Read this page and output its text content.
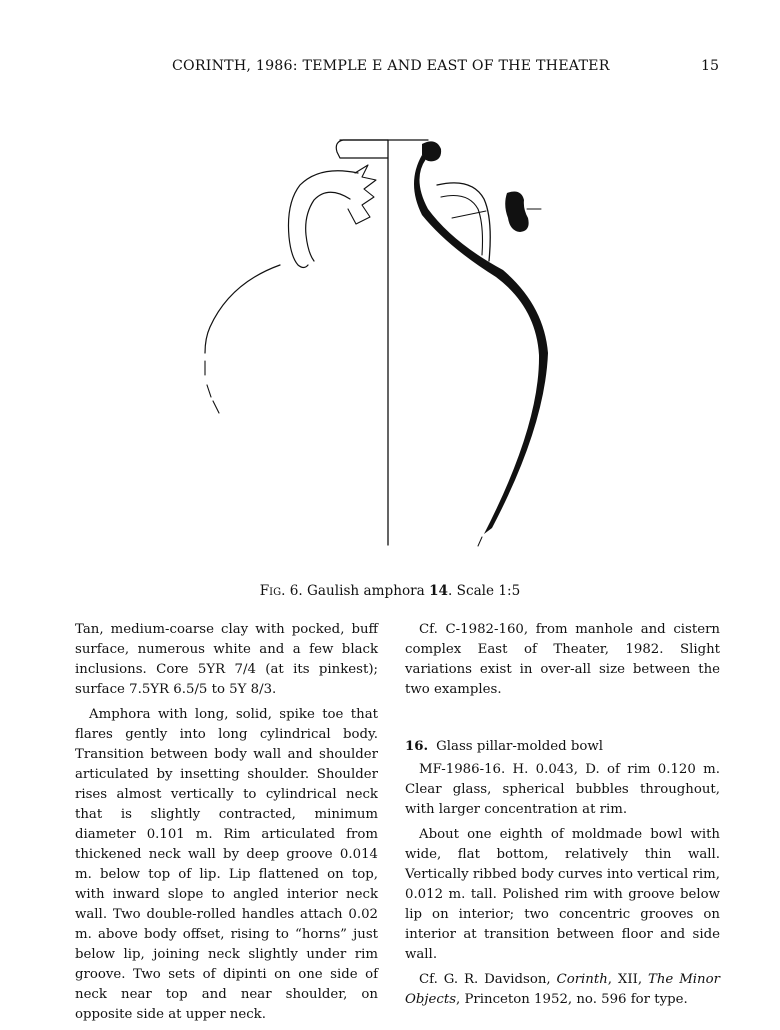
CORINTH, 1986: TEMPLE E AND EAST OF THE THEATER	15
Fig. 6. Gaulish amphora 14. Scale 1:5

Tan, medium-coarse clay with pocked, buff surface, numerous white and a few black inclusions. Core 5YR 7/4 (at its pinkest); surface 7.5YR 6.5/5 to 5Y 8/3.

Amphora with long, solid, spike toe that flares gently into long cylindrical body. Transition between body wall and shoulder articulated by insetting shoulder. Shoulder rises almost vertically to cylindrical neck that is slightly contracted, minimum diameter 0.101 m. Rim articulated from thickened neck wall by deep groove 0.014 m. below top of lip. Lip flattened on top, with inward slope to angled interior neck wall. Two double-rolled handles attach 0.02 m. above body offset, rising to “horns” just below lip, joining neck slightly under rim groove. Two sets of dipinti on one side of neck near top and near shoulder, on opposite side at upper neck.

Cf. C-1982-160, from manhole and cistern complex East of Theater, 1982. Slight variations exist in over-all size between the two examples.

16. Glass pillar-molded bowl

MF-1986-16. H. 0.043, D. of rim 0.120 m. Clear glass, spherical bubbles throughout, with larger concentration at rim.

About one eighth of moldmade bowl with wide, flat bottom, relatively thin wall. Vertically ribbed body curves into vertical rim, 0.012 m. tall. Polished rim with groove below lip on interior; two concentric grooves on interior at transition between floor and side wall.

Cf. G. R. Davidson, Corinth, XII, The Minor Objects, Princeton 1952, no. 596 for type.
